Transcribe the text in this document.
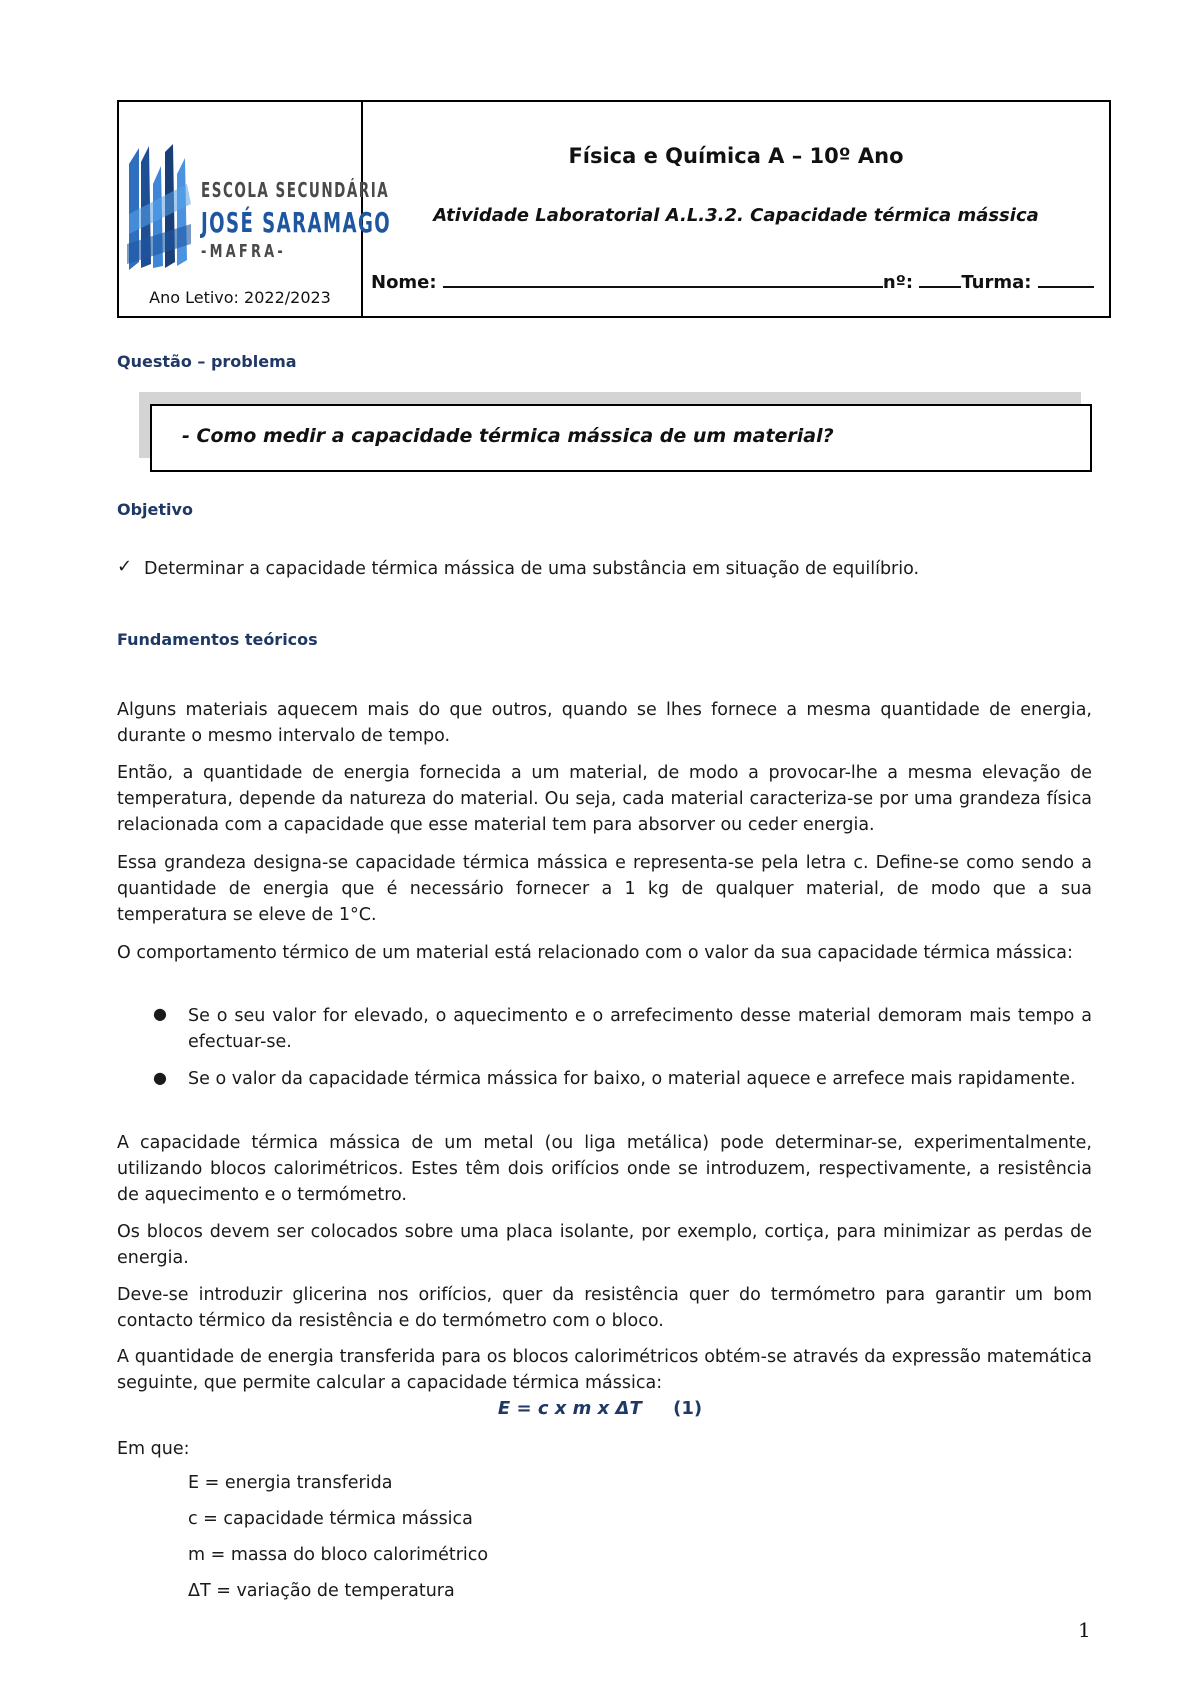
ESCOLA SECUNDÁRIA
JOSÉ SARAMAGO
-MAFRA-
Ano Letivo: 2022/2023
Física e Química A – 10º Ano
Atividade Laboratorial A.L.3.2. Capacidade térmica mássica
Nome:	nº:	Turma:
Questão – problema
- Como medir a capacidade térmica mássica de um material?
Objetivo
✓ Determinar a capacidade térmica mássica de uma substância em situação de equilíbrio.
Fundamentos teóricos
Alguns materiais aquecem mais do que outros, quando se lhes fornece a mesma quantidade de energia, durante o mesmo intervalo de tempo.
Então, a quantidade de energia fornecida a um material, de modo a provocar-lhe a mesma elevação de temperatura, depende da natureza do material. Ou seja, cada material caracteriza-se por uma grandeza física relacionada com a capacidade que esse material tem para absorver ou ceder energia.
Essa grandeza designa-se capacidade térmica mássica e representa-se pela letra c. Define-se como sendo a quantidade de energia que é necessário fornecer a 1 kg de qualquer material, de modo que a sua temperatura se eleve de 1°C.
O comportamento térmico de um material está relacionado com o valor da sua capacidade térmica mássica:
● Se o seu valor for elevado, o aquecimento e o arrefecimento desse material demoram mais tempo a efectuar-se.
● Se o valor da capacidade térmica mássica for baixo, o material aquece e arrefece mais rapidamente.
A capacidade térmica mássica de um metal (ou liga metálica) pode determinar-se, experimentalmente, utilizando blocos calorimétricos. Estes têm dois orifícios onde se introduzem, respectivamente, a resistência de aquecimento e o termómetro.
Os blocos devem ser colocados sobre uma placa isolante, por exemplo, cortiça, para minimizar as perdas de energia.
Deve-se introduzir glicerina nos orifícios, quer da resistência quer do termómetro para garantir um bom contacto térmico da resistência e do termómetro com o bloco.
A quantidade de energia transferida para os blocos calorimétricos obtém-se através da expressão matemática seguinte, que permite calcular a capacidade térmica mássica:
E = c x m x ΔT (1)
Em que:
E = energia transferida
c = capacidade térmica mássica
m = massa do bloco calorimétrico
ΔT = variação de temperatura
1
